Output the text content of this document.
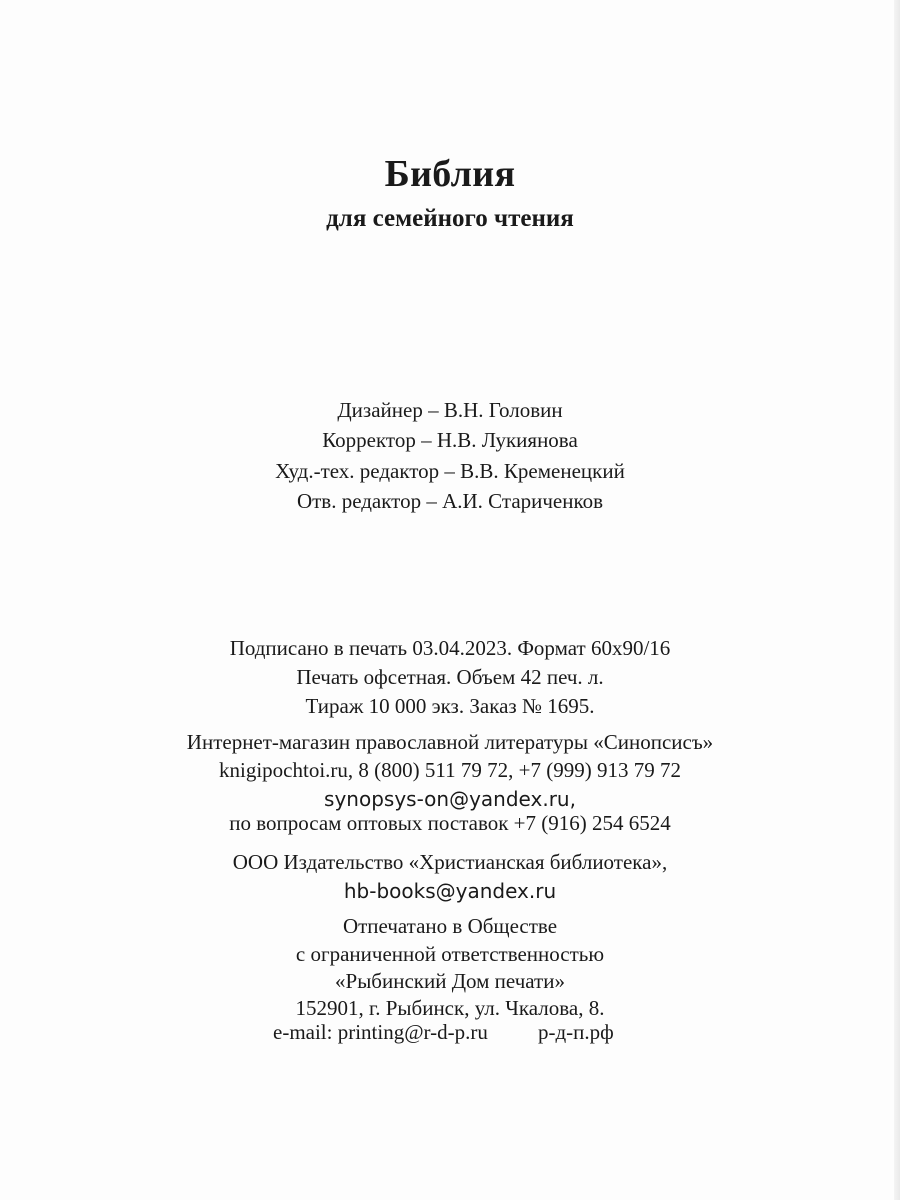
Библия
для семейного чтения
Дизайнер – В.Н. Головин
Корректор – Н.В. Лукиянова
Худ.-тех. редактор – В.В. Кременецкий
Отв. редактор – А.И. Стариченков
Подписано в печать 03.04.2023. Формат 60х90/16
Печать офсетная. Объем 42 печ. л.
Тираж 10 000 экз. Заказ № 1695.
Интернет-магазин православной литературы «Синопсисъ»
knigipochtoi.ru, 8 (800) 511 79 72, +7 (999) 913 79 72
synopsys-on@yandex.ru,
по вопросам оптовых поставок +7 (916) 254 6524
ООО Издательство «Христианская библиотека»,
hb-books@yandex.ru
Отпечатано в Обществе
с ограниченной ответственностью
«Рыбинский Дом печати»
152901, г. Рыбинск, ул. Чкалова, 8.
e-mail: printing@r-d-p.ru р-д-п.рф
